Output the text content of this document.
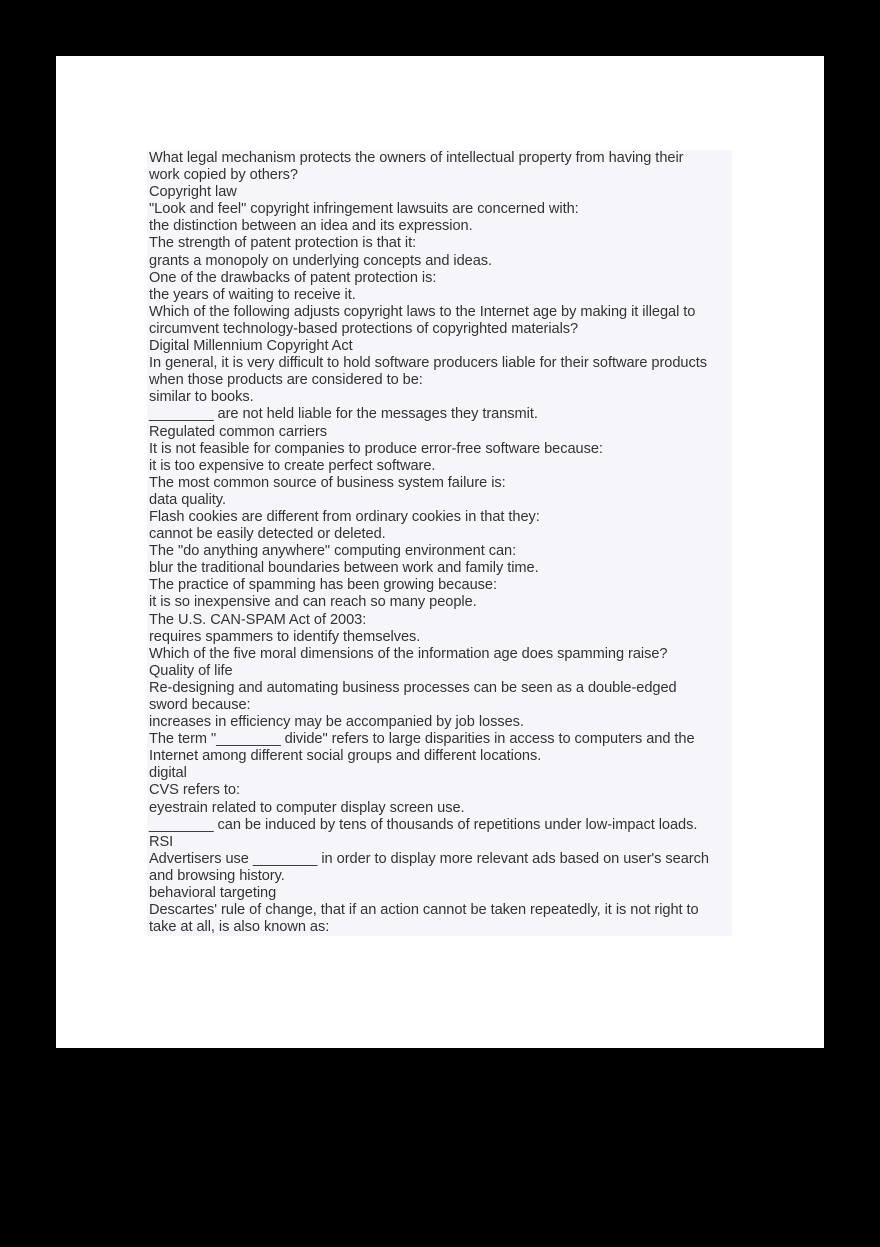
What legal mechanism protects the owners of intellectual property from having their
work copied by others?
Copyright law
"Look and feel" copyright infringement lawsuits are concerned with:
the distinction between an idea and its expression.
The strength of patent protection is that it:
grants a monopoly on underlying concepts and ideas.
One of the drawbacks of patent protection is:
the years of waiting to receive it.
Which of the following adjusts copyright laws to the Internet age by making it illegal to
circumvent technology-based protections of copyrighted materials?
Digital Millennium Copyright Act
In general, it is very difficult to hold software producers liable for their software products
when those products are considered to be:
similar to books.
________ are not held liable for the messages they transmit.
Regulated common carriers
It is not feasible for companies to produce error-free software because:
it is too expensive to create perfect software.
The most common source of business system failure is:
data quality.
Flash cookies are different from ordinary cookies in that they:
cannot be easily detected or deleted.
The "do anything anywhere" computing environment can:
blur the traditional boundaries between work and family time.
The practice of spamming has been growing because:
it is so inexpensive and can reach so many people.
The U.S. CAN-SPAM Act of 2003:
requires spammers to identify themselves.
Which of the five moral dimensions of the information age does spamming raise?
Quality of life
Re-designing and automating business processes can be seen as a double-edged
sword because:
increases in efficiency may be accompanied by job losses.
The term "________ divide" refers to large disparities in access to computers and the
Internet among different social groups and different locations.
digital
CVS refers to:
eyestrain related to computer display screen use.
________ can be induced by tens of thousands of repetitions under low-impact loads.
RSI
Advertisers use ________ in order to display more relevant ads based on user's search
and browsing history.
behavioral targeting
Descartes' rule of change, that if an action cannot be taken repeatedly, it is not right to
take at all, is also known as:
